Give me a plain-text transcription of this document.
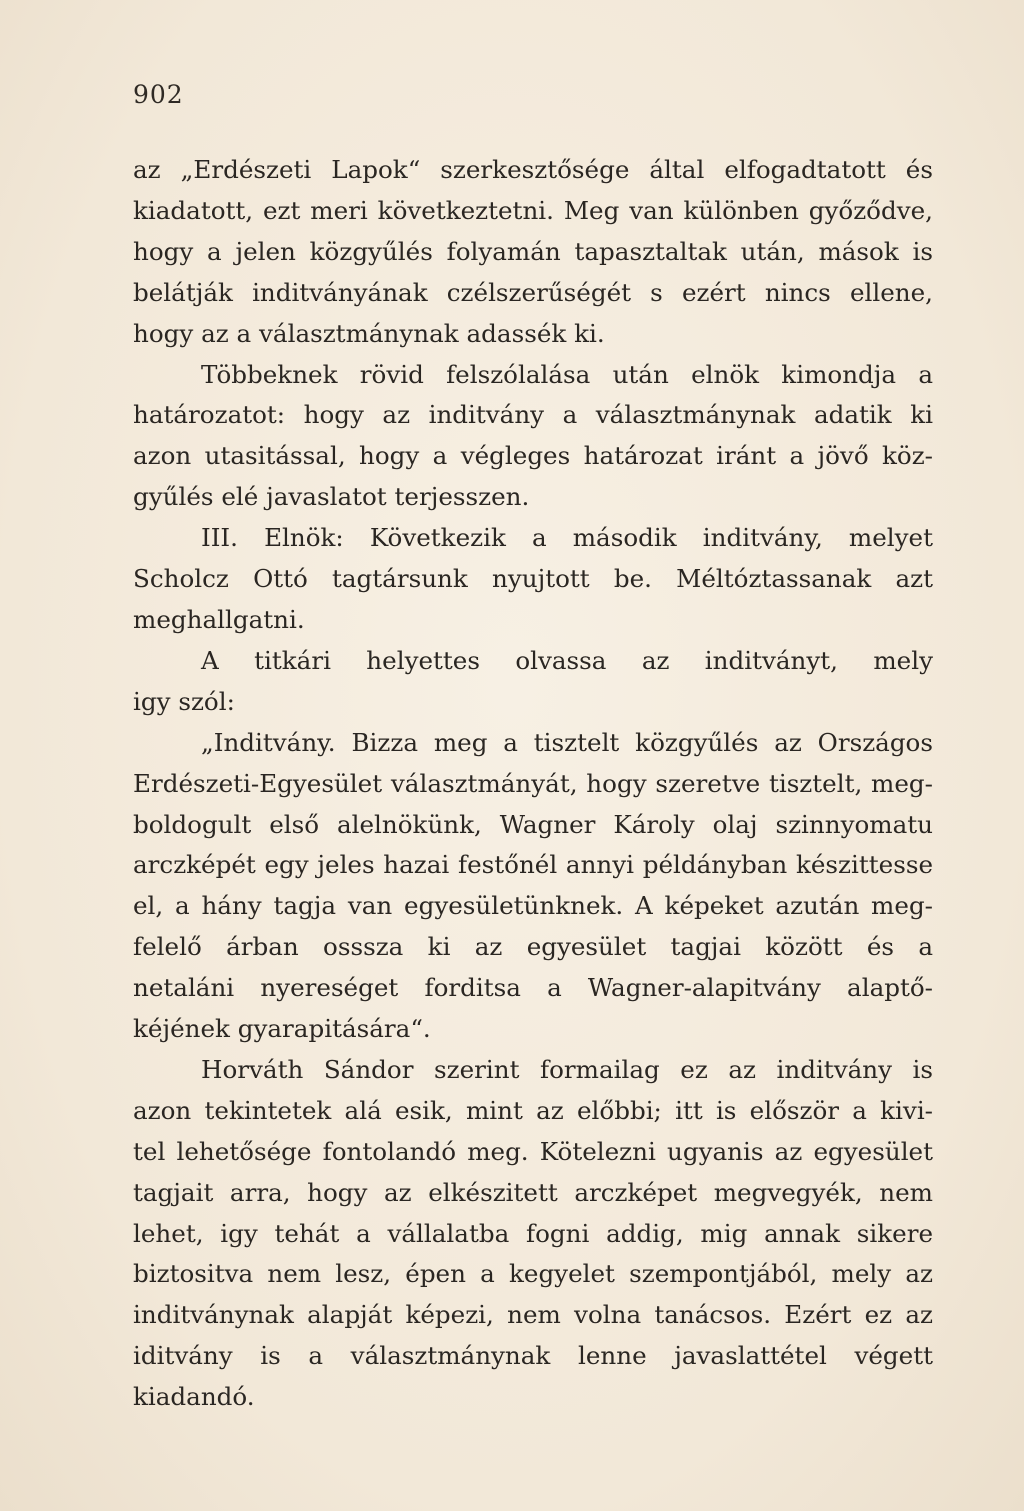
902
az „Erdészeti Lapok“ szerkesztősége által elfogadtatott és
kiadatott, ezt meri következtetni. Meg van különben győződve,
hogy a jelen közgyűlés folyamán tapasztaltak után, mások is
belátják inditványának czélszerűségét s ezért nincs ellene,
hogy az a választmánynak adassék ki.
Többeknek rövid felszólalása után elnök kimondja a
határozatot: hogy az inditvány a választmánynak adatik ki
azon utasitással, hogy a végleges határozat iránt a jövő köz-
gyűlés elé javaslatot terjesszen.
III. Elnök: Következik a második inditvány, melyet
Scholcz Ottó tagtársunk nyujtott be. Méltóztassanak azt
meghallgatni.
A titkári helyettes olvassa az inditványt, mely
igy szól:
„Inditvány. Bizza meg a tisztelt közgyűlés az Országos
Erdészeti-Egyesület választmányát, hogy szeretve tisztelt, meg-
boldogult első alelnökünk, Wagner Károly olaj szinnyomatu
arczképét egy jeles hazai festőnél annyi példányban készittesse
el, a hány tagja van egyesületünknek. A képeket azután meg-
felelő árban osssza ki az egyesület tagjai között és a
netaláni nyereséget forditsa a Wagner-alapitvány alaptő-
kéjének gyarapitására“.
Horváth Sándor szerint formailag ez az inditvány is
azon tekintetek alá esik, mint az előbbi; itt is először a kivi-
tel lehetősége fontolandó meg. Kötelezni ugyanis az egyesület
tagjait arra, hogy az elkészitett arczképet megvegyék, nem
lehet, igy tehát a vállalatba fogni addig, mig annak sikere
biztositva nem lesz, épen a kegyelet szempontjából, mely az
inditványnak alapját képezi, nem volna tanácsos. Ezért ez az
iditvány is a választmánynak lenne javaslattétel végett
kiadandó.
